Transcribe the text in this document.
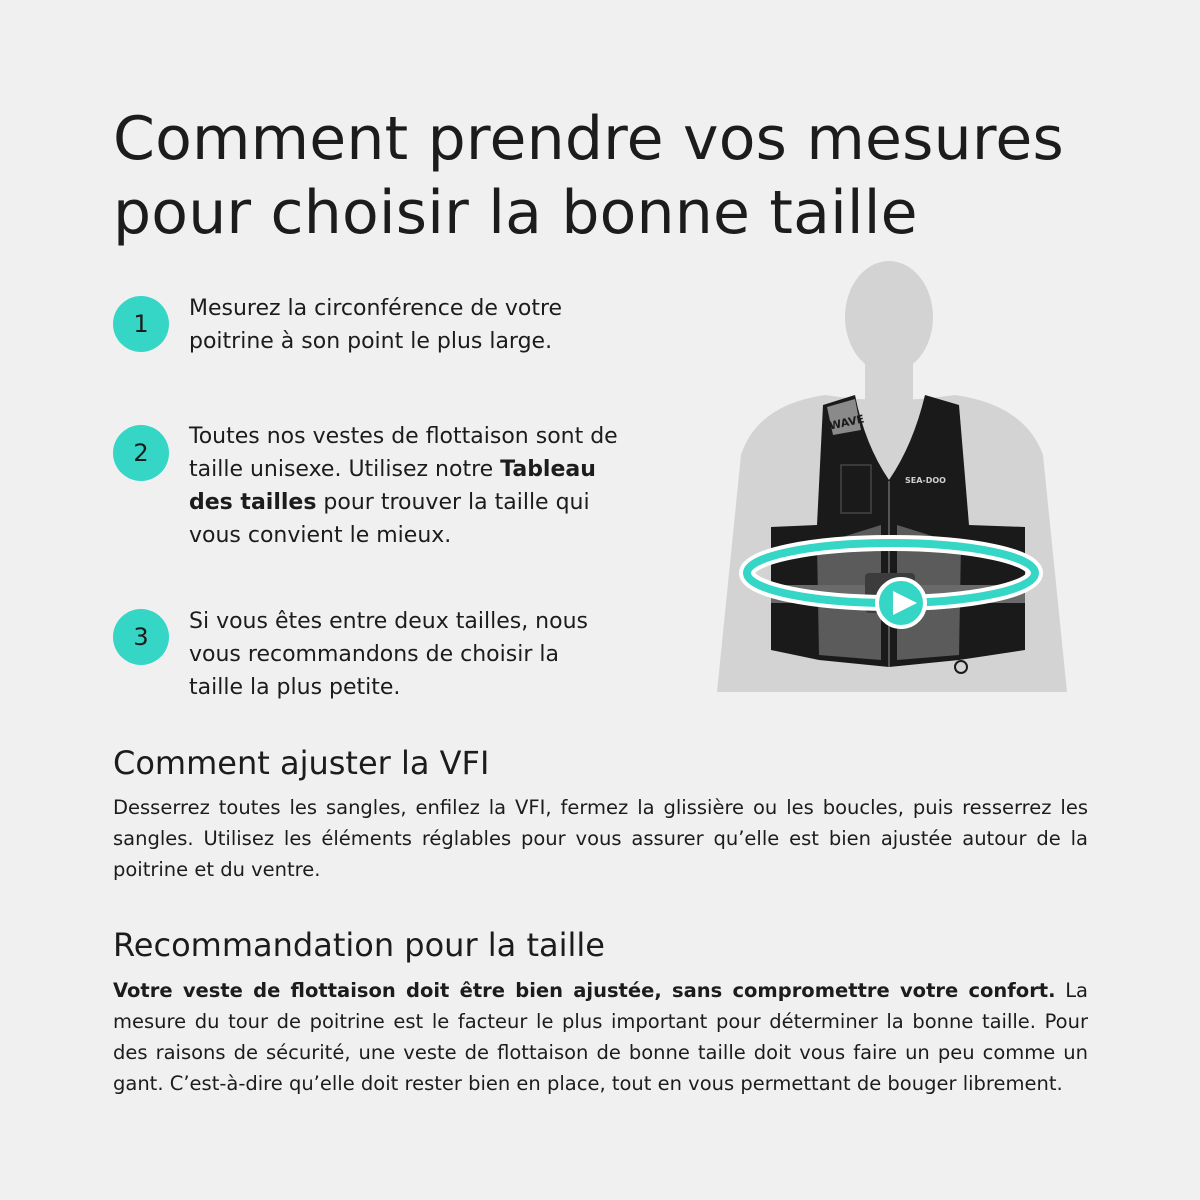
Comment prendre vos mesures
pour choisir la bonne taille
1

Mesurez la circonférence de votre poitrine à son point le plus large.

2

Toutes nos vestes de flottaison sont de taille unisexe. Utilisez notre Tableau des tailles pour trouver la taille qui vous convient le mieux.

3

Si vous êtes entre deux tailles, nous vous recommandons de choisir la taille la plus petite.

WAVE
SEA-DOO
Comment ajuster la VFI

Desserrez toutes les sangles, enfilez la VFI, fermez la glissière ou les boucles, puis resserrez les sangles. Utilisez les éléments réglables pour vous assurer qu’elle est bien ajustée autour de la poitrine et du ventre.

Recommandation pour la taille

Votre veste de flottaison doit être bien ajustée, sans compromettre votre confort. La mesure du tour de poitrine est le facteur le plus important pour déterminer la bonne taille. Pour des raisons de sécurité, une veste de flottaison de bonne taille doit vous faire un peu comme un gant. C’est-à-dire qu’elle doit rester bien en place, tout en vous permettant de bouger librement.
